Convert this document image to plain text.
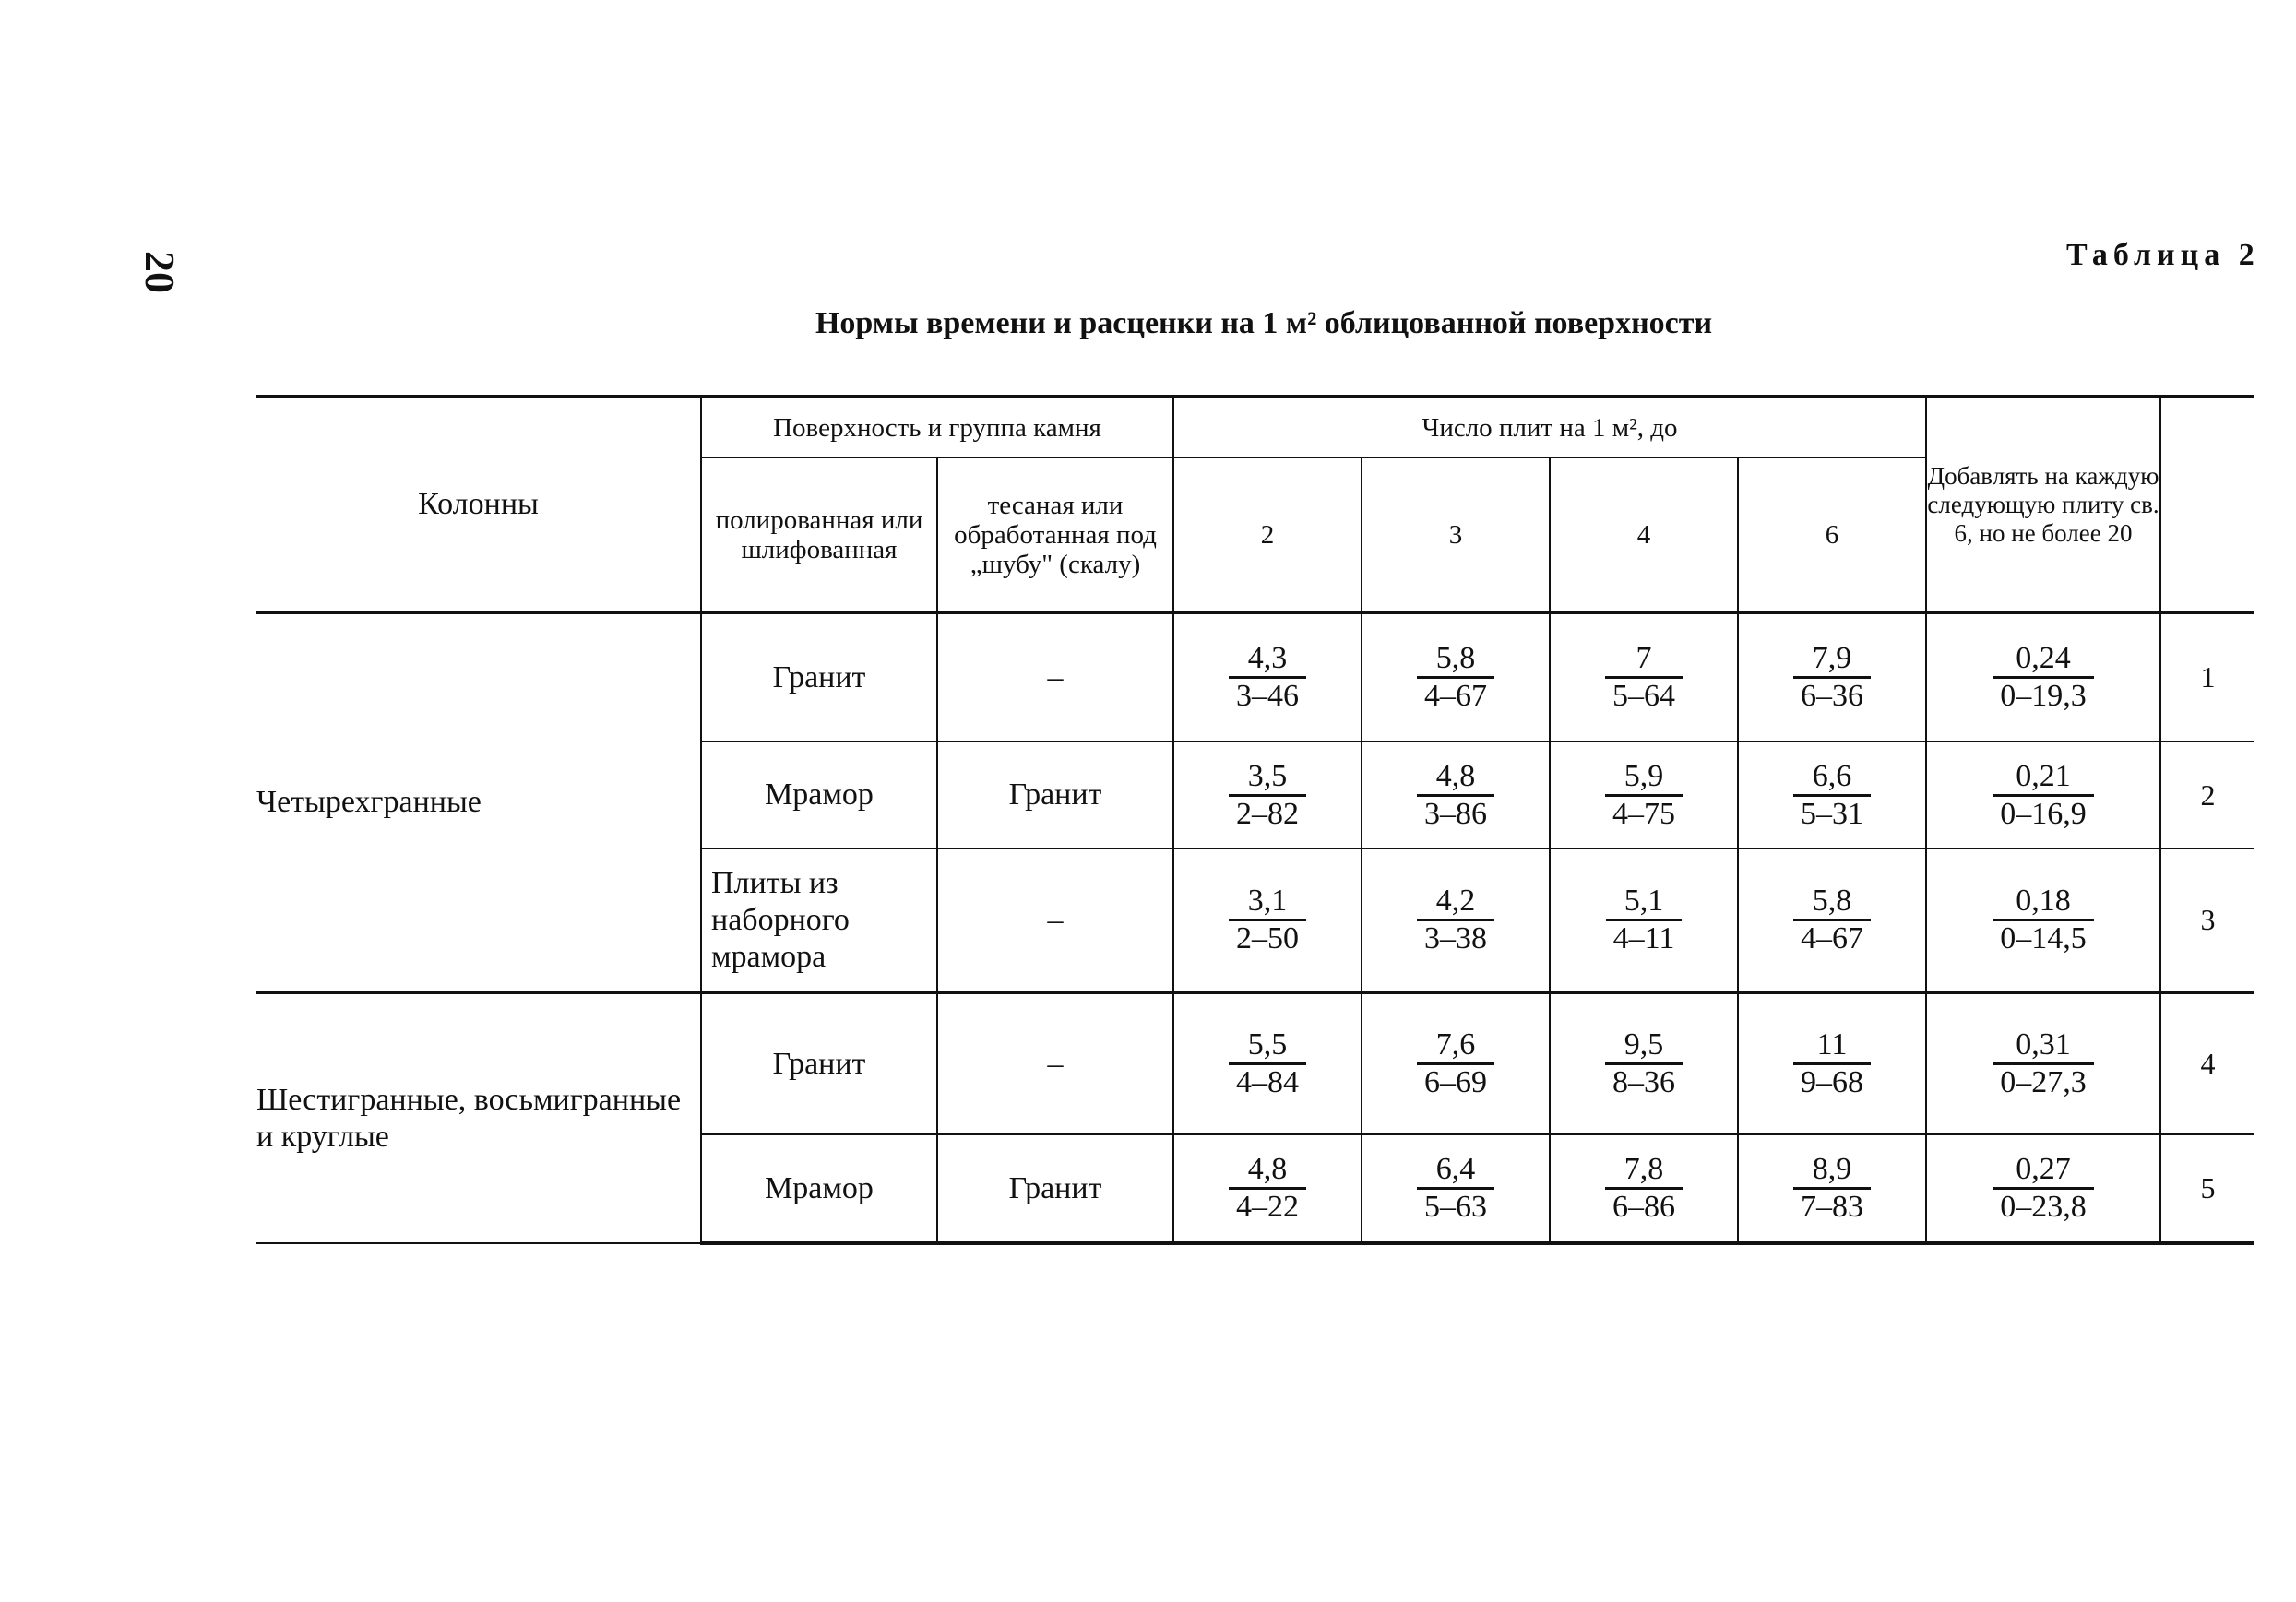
20	Таблица 2
Нормы времени и расценки на 1 м² облицованной поверхности
Колонны	Поверхность и группа камня		Число плит на 1 м², до				Добавлять на каждую следующую плиту св. 6, но не более 20	
	полированная или шлифованная	тесаная или обработанная под „шубу" (скалу)	2	3	4	6		
Четырехгранные	Гранит	–	$\frac{4,3}{3-46}$	$\frac{5,8}{4-67}$	$\frac{7}{5-64}$	$\frac{7,9}{6-36}$	$\frac{0,24}{0-19,3}$	1
	Мрамор	Гранит	$\frac{3,5}{2-82}$	$\frac{4,8}{3-86}$	$\frac{5,9}{4-75}$	$\frac{6,6}{5-31}$	$\frac{0,21}{0-16,9}$	2
	Плиты из наборного мрамора	–	$\frac{3,1}{2-50}$	$\frac{4,2}{3-38}$	$\frac{5,1}{4-11}$	$\frac{5,8}{4-67}$	$\frac{0,18}{0-14,5}$	3
Шестигранные, восьмигранные и круглые	Гранит	–	$\frac{5,5}{4-84}$	$\frac{7,6}{6-69}$	$\frac{9,5}{8-36}$	$\frac{11}{9-68}$	$\frac{0,31}{0-27,3}$	4
	Мрамор	Гранит	$\frac{4,8}{4-22}$	$\frac{6,4}{5-63}$	$\frac{7,8}{6-86}$	$\frac{8,9}{7-83}$	$\frac{0,27}{0-23,8}$	5
